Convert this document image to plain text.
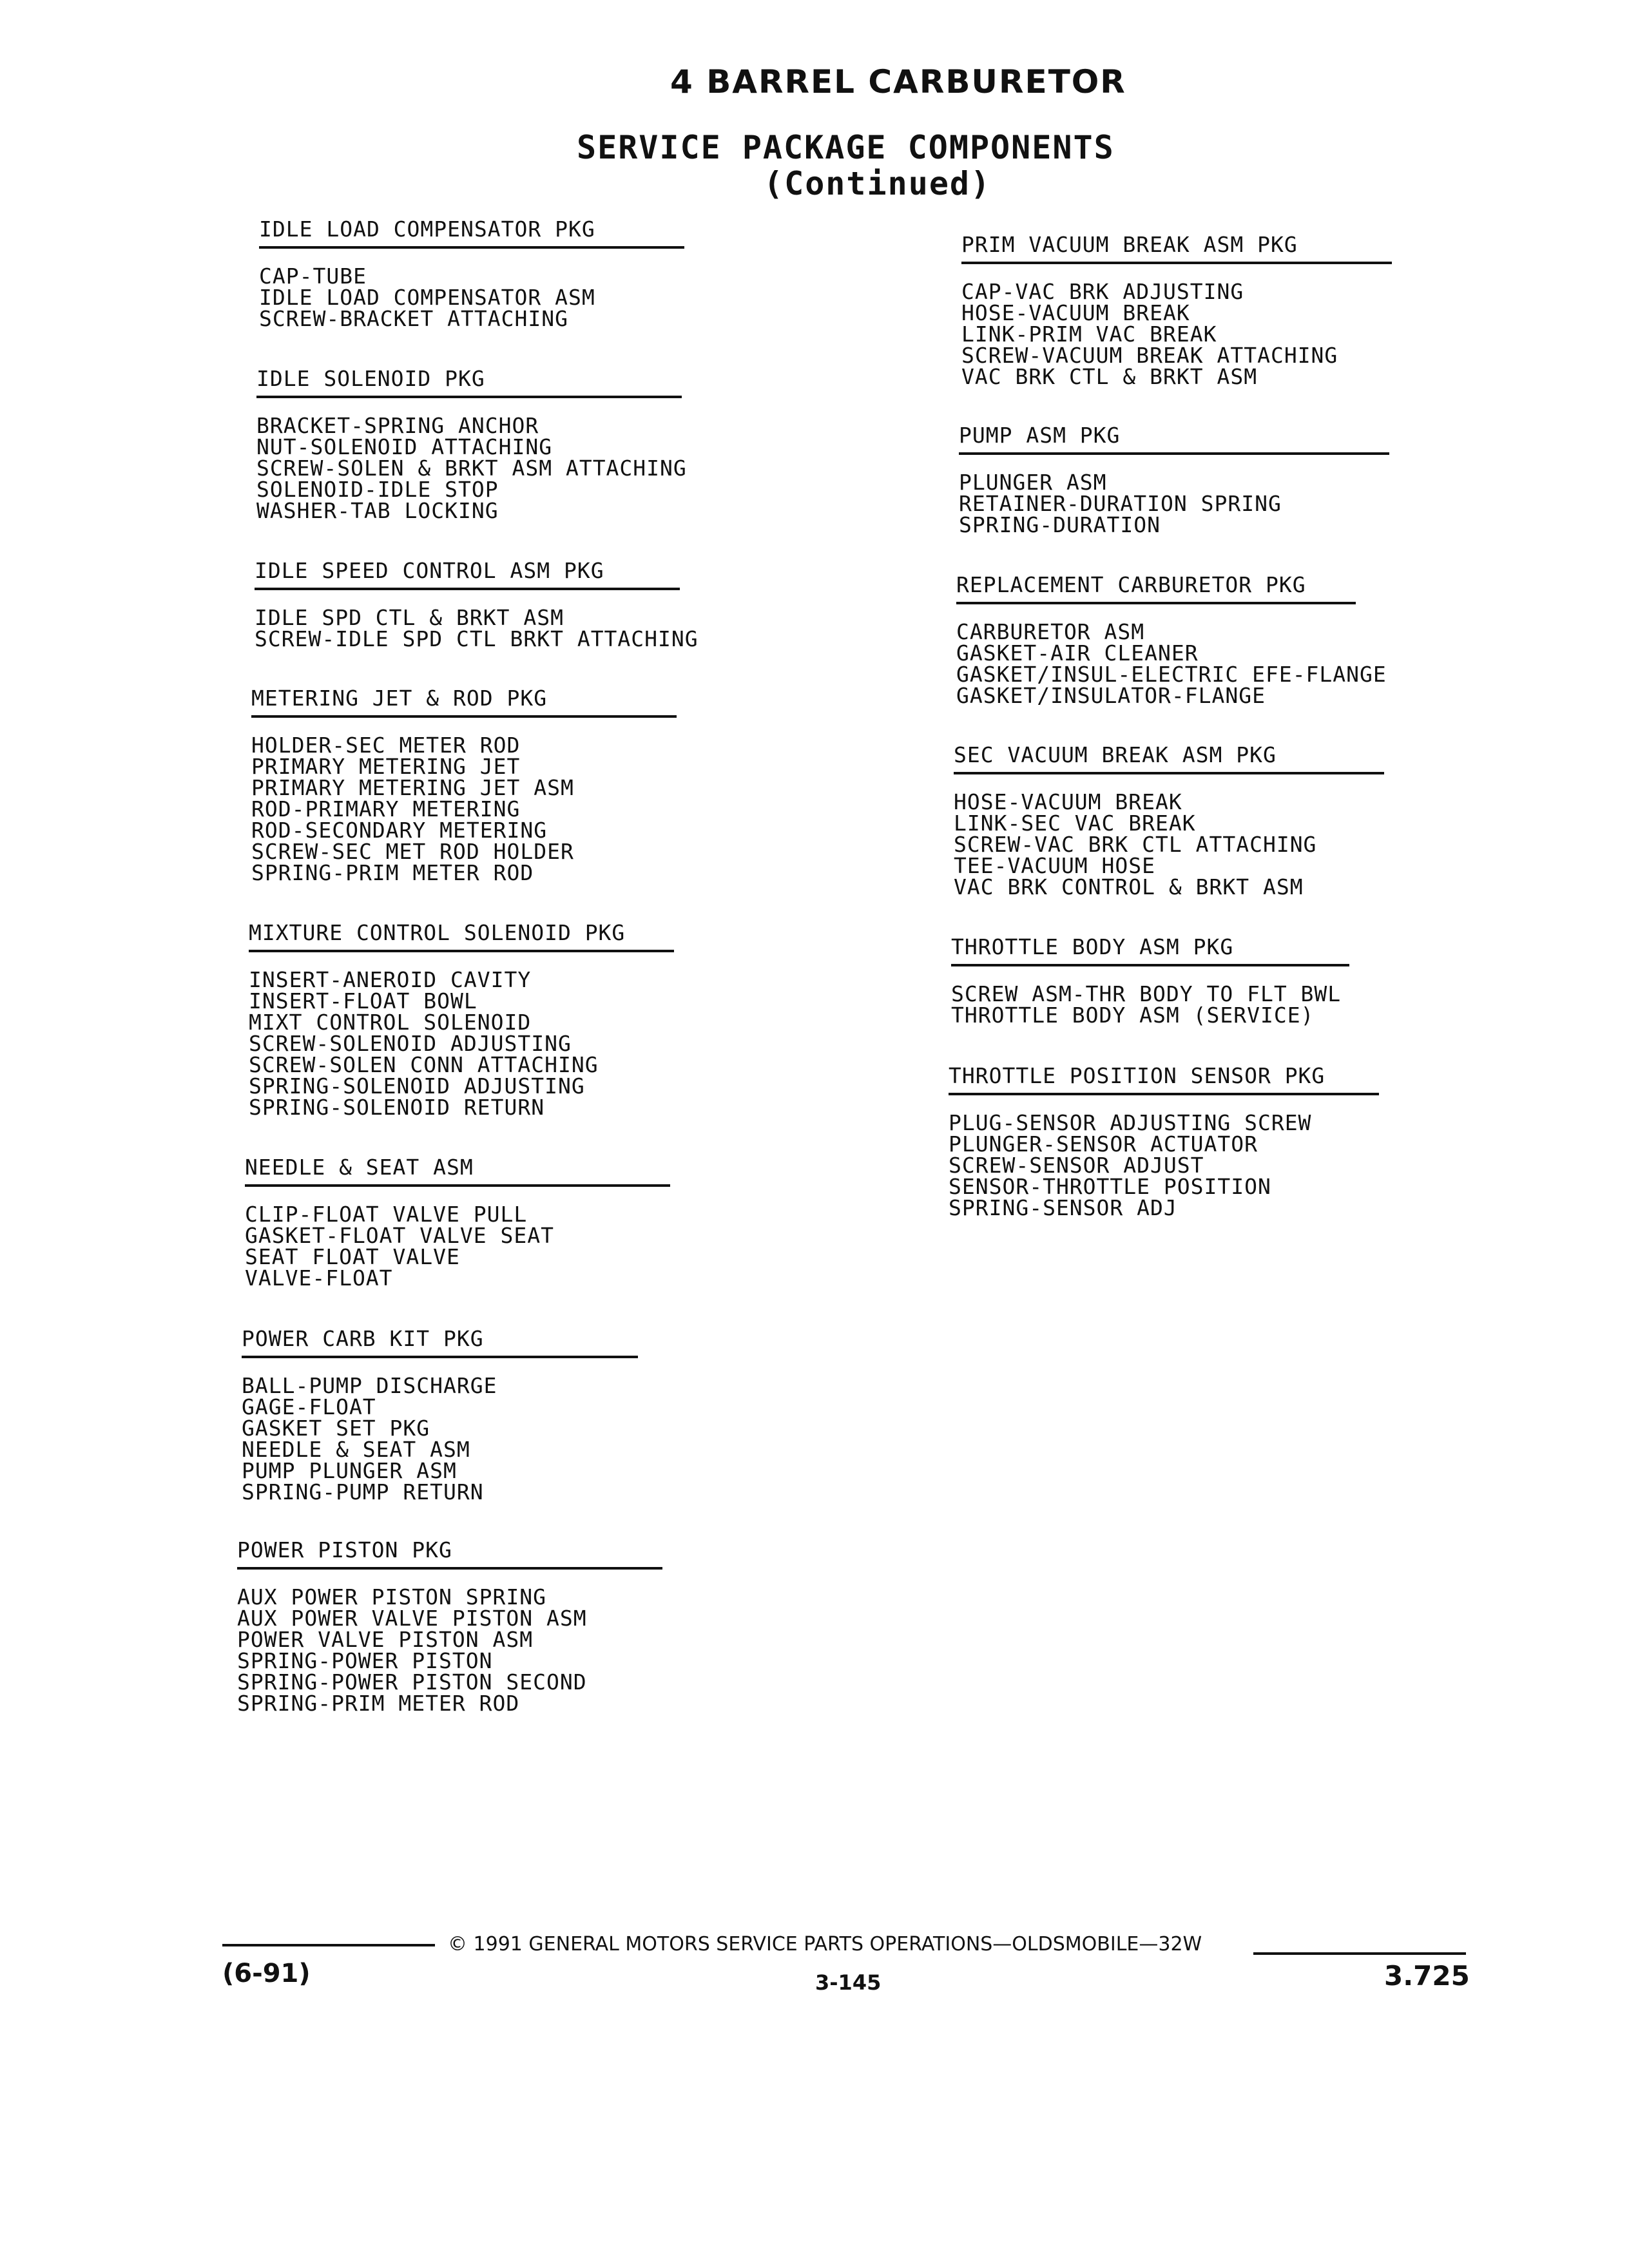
4 BARREL CARBURETOR
SERVICE PACKAGE COMPONENTS
(Continued)
IDLE LOAD COMPENSATOR PKG
CAP-TUBE
IDLE LOAD COMPENSATOR ASM
SCREW-BRACKET ATTACHING
IDLE SOLENOID PKG
BRACKET-SPRING ANCHOR
NUT-SOLENOID ATTACHING
SCREW-SOLEN & BRKT ASM ATTACHING
SOLENOID-IDLE STOP
WASHER-TAB LOCKING
IDLE SPEED CONTROL ASM PKG
IDLE SPD CTL & BRKT ASM
SCREW-IDLE SPD CTL BRKT ATTACHING
METERING JET & ROD PKG
HOLDER-SEC METER ROD
PRIMARY METERING JET
PRIMARY METERING JET ASM
ROD-PRIMARY METERING
ROD-SECONDARY METERING
SCREW-SEC MET ROD HOLDER
SPRING-PRIM METER ROD
MIXTURE CONTROL SOLENOID PKG
INSERT-ANEROID CAVITY
INSERT-FLOAT BOWL
MIXT CONTROL SOLENOID
SCREW-SOLENOID ADJUSTING
SCREW-SOLEN CONN ATTACHING
SPRING-SOLENOID ADJUSTING
SPRING-SOLENOID RETURN
NEEDLE & SEAT ASM
CLIP-FLOAT VALVE PULL
GASKET-FLOAT VALVE SEAT
SEAT FLOAT VALVE
VALVE-FLOAT
POWER CARB KIT PKG
BALL-PUMP DISCHARGE
GAGE-FLOAT
GASKET SET PKG
NEEDLE & SEAT ASM
PUMP PLUNGER ASM
SPRING-PUMP RETURN
POWER PISTON PKG
AUX POWER PISTON SPRING
AUX POWER VALVE PISTON ASM
POWER VALVE PISTON ASM
SPRING-POWER PISTON
SPRING-POWER PISTON SECOND
SPRING-PRIM METER ROD
PRIM VACUUM BREAK ASM PKG
CAP-VAC BRK ADJUSTING
HOSE-VACUUM BREAK
LINK-PRIM VAC BREAK
SCREW-VACUUM BREAK ATTACHING
VAC BRK CTL & BRKT ASM
PUMP ASM PKG
PLUNGER ASM
RETAINER-DURATION SPRING
SPRING-DURATION
REPLACEMENT CARBURETOR PKG
CARBURETOR ASM
GASKET-AIR CLEANER
GASKET/INSUL-ELECTRIC EFE-FLANGE
GASKET/INSULATOR-FLANGE
SEC VACUUM BREAK ASM PKG
HOSE-VACUUM BREAK
LINK-SEC VAC BREAK
SCREW-VAC BRK CTL ATTACHING
TEE-VACUUM HOSE
VAC BRK CONTROL & BRKT ASM
THROTTLE BODY ASM PKG
SCREW ASM-THR BODY TO FLT BWL
THROTTLE BODY ASM (SERVICE)
THROTTLE POSITION SENSOR PKG
PLUG-SENSOR ADJUSTING SCREW
PLUNGER-SENSOR ACTUATOR
SCREW-SENSOR ADJUST
SENSOR-THROTTLE POSITION
SPRING-SENSOR ADJ
(6-91)
© 1991 GENERAL MOTORS SERVICE PARTS OPERATIONS—OLDSMOBILE—32W
3-145	3.725
